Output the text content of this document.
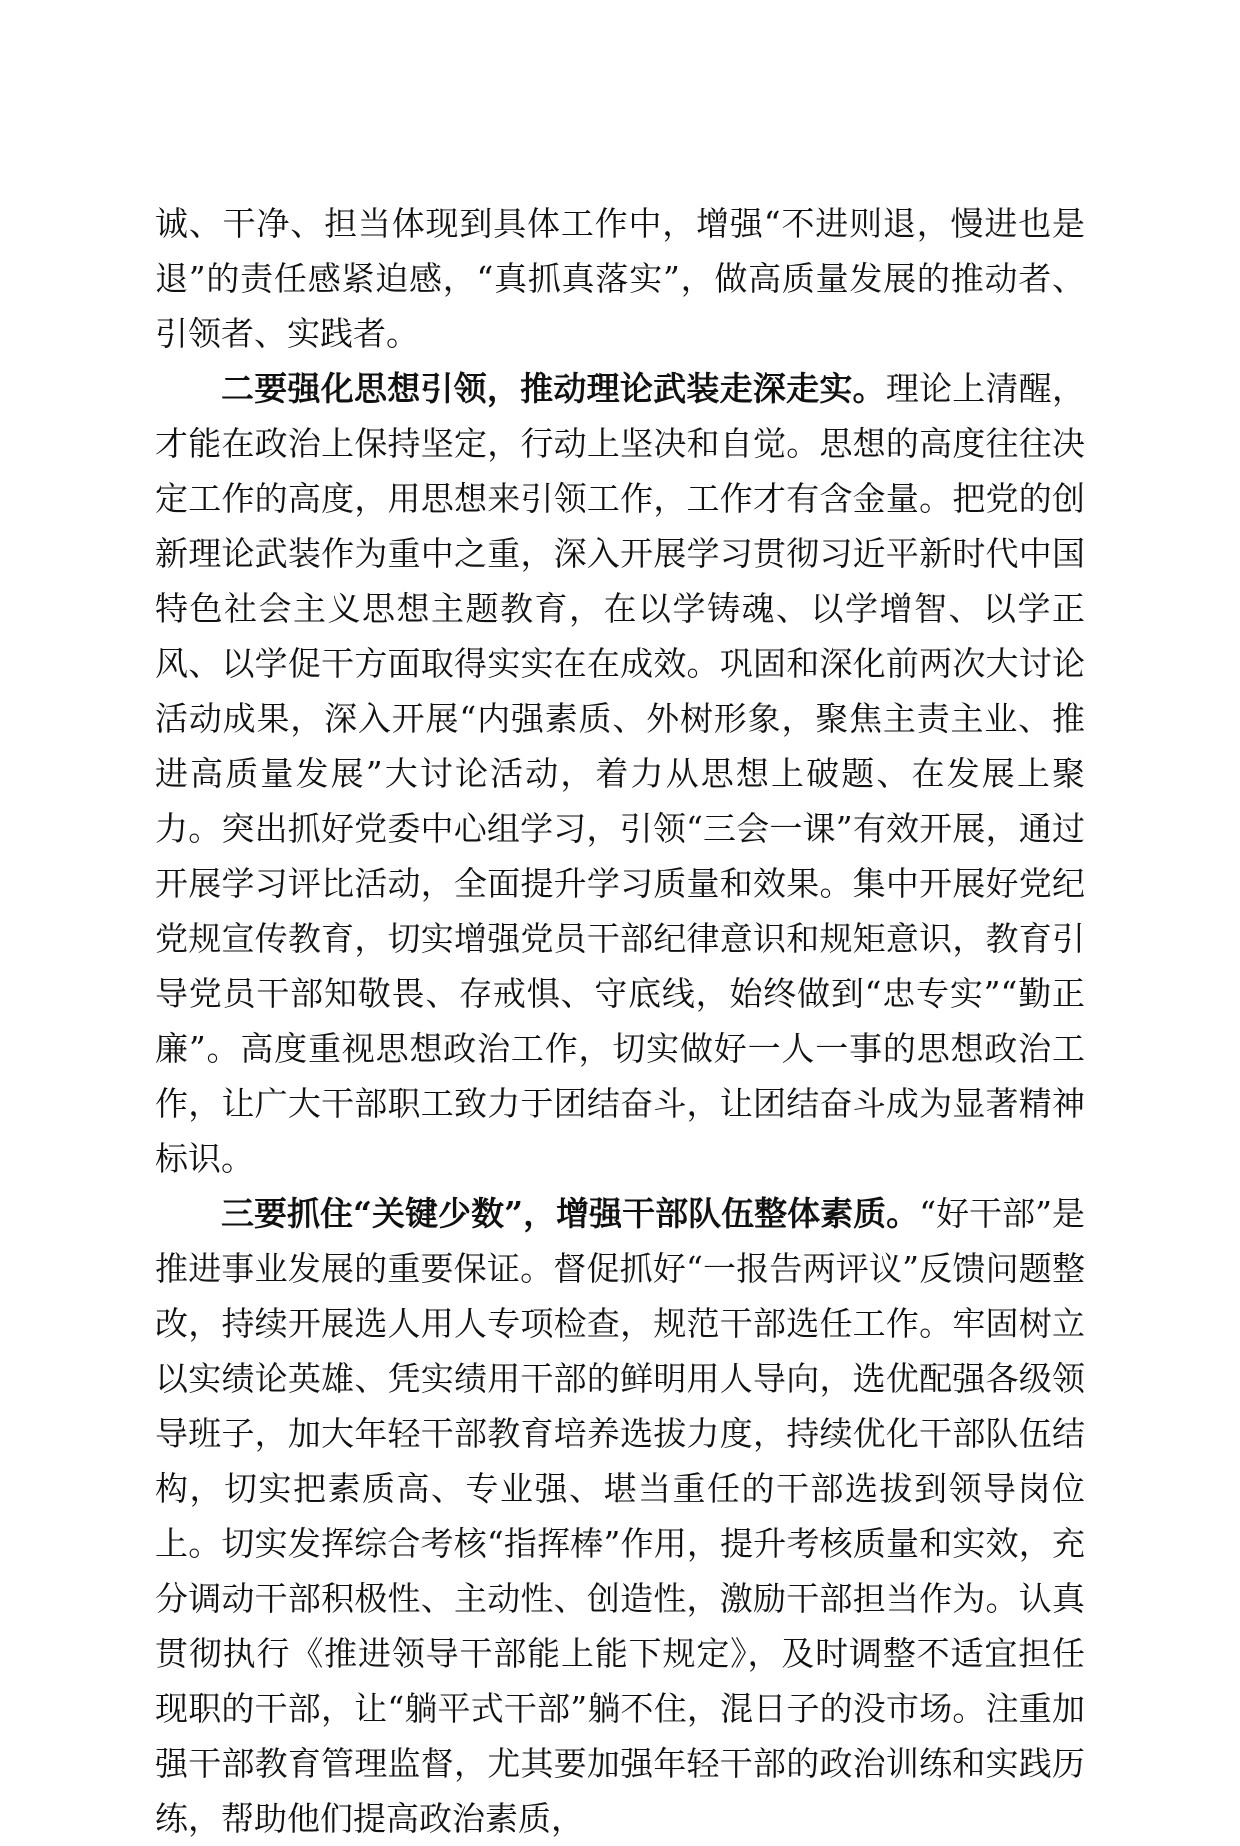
诚、干净、担当体现到具体工作中，增强“不进则退，慢进也是退”的责任感紧迫感，“真抓真落实”，做高质量发展的推动者、引领者、实践者。

二要强化思想引领，推动理论武装走深走实。理论上清醒，才能在政治上保持坚定，行动上坚决和自觉。思想的高度往往决定工作的高度，用思想来引领工作，工作才有含金量。把党的创新理论武装作为重中之重，深入开展学习贯彻习近平新时代中国特色社会主义思想主题教育，在以学铸魂、以学增智、以学正风、以学促干方面取得实实在在成效。巩固和深化前两次大讨论活动成果，深入开展“内强素质、外树形象，聚焦主责主业、推进高质量发展”大讨论活动，着力从思想上破题、在发展上聚力。突出抓好党委中心组学习，引领“三会一课”有效开展，通过开展学习评比活动，全面提升学习质量和效果。集中开展好党纪党规宣传教育，切实增强党员干部纪律意识和规矩意识，教育引导党员干部知敬畏、存戒惧、守底线，始终做到“忠专实”“勤正廉”。高度重视思想政治工作，切实做好一人一事的思想政治工作，让广大干部职工致力于团结奋斗，让团结奋斗成为显著精神标识。

三要抓住“关键少数”，增强干部队伍整体素质。“好干部”是推进事业发展的重要保证。督促抓好“一报告两评议”反馈问题整改，持续开展选人用人专项检查，规范干部选任工作。牢固树立以实绩论英雄、凭实绩用干部的鲜明用人导向，选优配强各级领导班子，加大年轻干部教育培养选拔力度，持续优化干部队伍结构，切实把素质高、专业强、堪当重任的干部选拔到领导岗位上。切实发挥综合考核“指挥棒”作用，提升考核质量和实效，充分调动干部积极性、主动性、创造性，激励干部担当作为。认真贯彻执行《推进领导干部能上能下规定》，及时调整不适宜担任现职的干部，让“躺平式干部”躺不住，混日子的没市场。注重加强干部教育管理监督，尤其要加强年轻干部的政治训练和实践历练，帮助他们提高政治素质，
